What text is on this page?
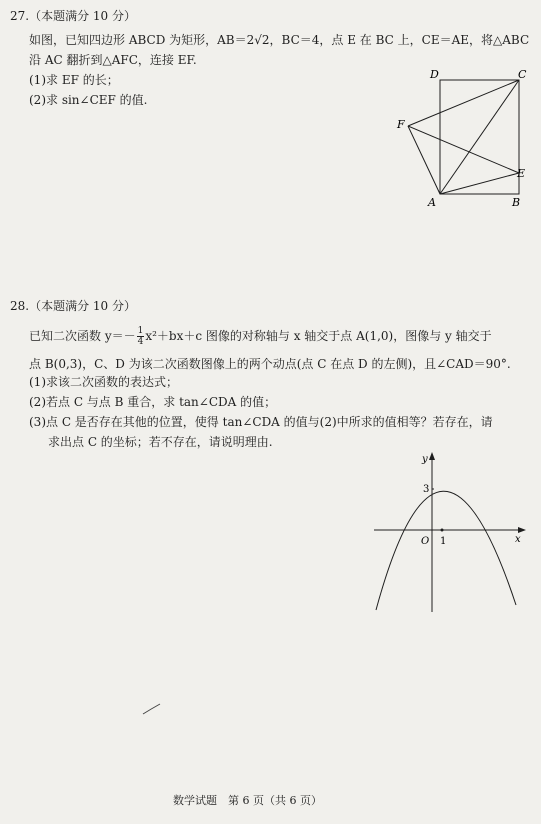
27.（本题满分 10 分）
如图，已知四边形 ABCD 为矩形，AB＝2√2，BC＝4，点 E 在 BC 上，CE＝AE，将△ABC
沿 AC 翻折到△AFC，连接 EF.
(1)求 EF 的长；
(2)求 sin∠CEF 的值.
D	C
F
E
A	B
28.（本题满分 10 分）
已知二次函数 $y=- \frac{1}{4} x^2+bx+c$ 图像的对称轴与 x 轴交于点 A(1,0)，图像与 y 轴交于
点 B(0,3)，C、D 为该二次函数图像上的两个动点(点 C 在点 D 的左侧)，且∠CAD＝90°.
(1)求该二次函数的表达式；
(2)若点 C 与点 B 重合，求 tan∠CDA 的值；
(3)点 C 是否存在其他的位置，使得 tan∠CDA 的值与(2)中所求的值相等？若存在，请
求出点 C 的坐标；若不存在，请说明理由.
y
x
3
O 1
数学试题　第 6 页（共 6 页）
